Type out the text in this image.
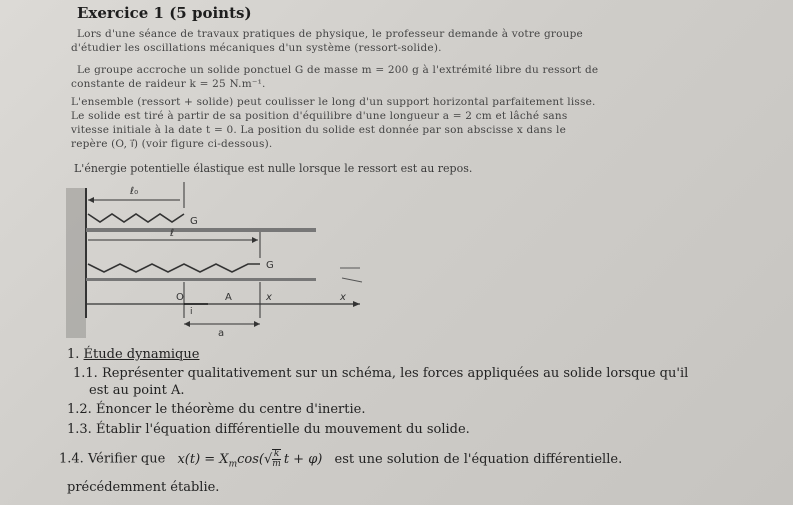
Exercice 1 (5 points)
Lors d'une séance de travaux pratiques de physique, le professeur demande à votre groupe
d'étudier les oscillations mécaniques d'un système (ressort-solide).
Le groupe accroche un solide ponctuel G de masse m = 200 g à l'extrémité libre du ressort de
constante de raideur k = 25 N.m⁻¹.
L'ensemble (ressort + solide) peut coulisser le long d'un support horizontal parfaitement lisse.
Le solide est tiré à partir de sa position d'équilibre d'une longueur a = 2 cm et lâché sans
vitesse initiale à la date t = 0. La position du solide est donnée par son abscisse x dans le
repère (O, i⃗) (voir figure ci-dessous).
L'énergie potentielle élastique est nulle lorsque le ressort est au repos.
ℓ₀
G
ℓ
G
O
i
A	x	x
a
1. Étude dynamique
1.1. Représenter qualitativement sur un schéma, les forces appliquées au solide lorsque qu'il
est au point A.
1.2. Énoncer le théorème du centre d'inertie.
1.3. Établir l'équation différentielle du mouvement du solide.
1.4. Vérifier que $x(t) = X_m\cos(√ \frac{k}{m}$ t + φ) est une solution de l'équation différentielle.
précédemment établie.
